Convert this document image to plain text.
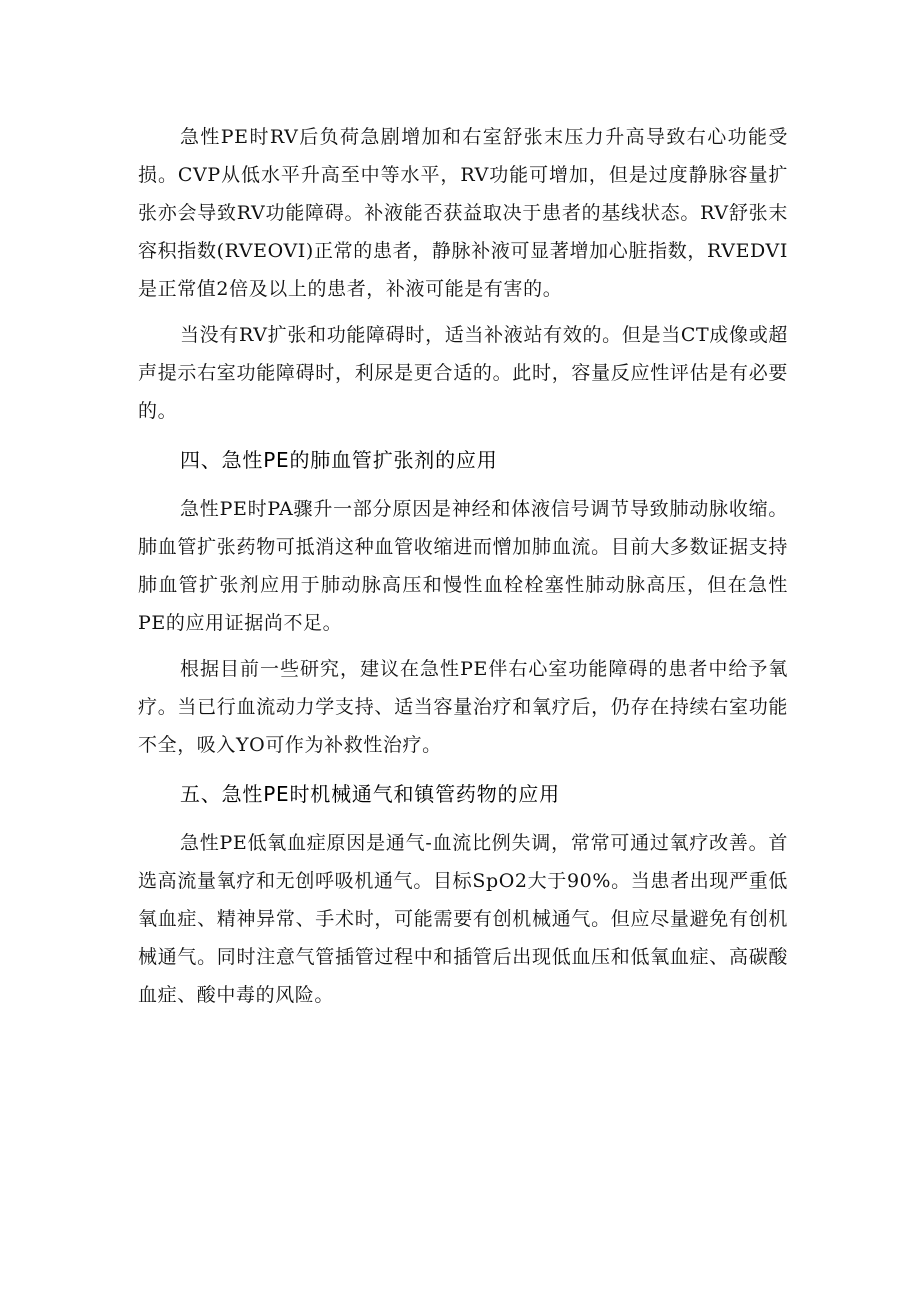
急性PE时RV后负荷急剧增加和右室舒张末压力升高导致右心功能受损。CVP从低水平升高至中等水平，RV功能可增加，但是过度静脉容量扩张亦会导致RV功能障碍。补液能否获益取决于患者的基线状态。RV舒张末容积指数(RVEOVI)正常的患者，静脉补液可显著增加心脏指数，RVEDVI是正常值2倍及以上的患者，补液可能是有害的。

当没有RV扩张和功能障碍时，适当补液站有效的。但是当CT成像或超声提示右室功能障碍时，利尿是更合适的。此时，容量反应性评估是有必要的。

四、急性PE的肺血管扩张剂的应用

急性PE时PA骤升一部分原因是神经和体液信号调节导致肺动脉收缩。肺血管扩张药物可抵消这种血管收缩进而憎加肺血流。目前大多数证据支持肺血管扩张剂应用于肺动脉高压和慢性血栓栓塞性肺动脉高压，但在急性PE的应用证据尚不足。

根据目前一些研究，建议在急性PE伴右心室功能障碍的患者中给予氧疗。当已行血流动力学支持、适当容量治疗和氧疗后，仍存在持续右室功能不全，吸入YO可作为补救性治疗。

五、急性PE时机械通气和镇管药物的应用

急性PE低氧血症原因是通气-血流比例失调，常常可通过氧疗改善。首选高流量氧疗和无创呼吸机通气。目标SpO2大于90%。当患者出现严重低氧血症、精神异常、手术时，可能需要有创机械通气。但应尽量避免有创机械通气。同时注意气管插管过程中和插管后出现低血压和低氧血症、高碳酸血症、酸中毒的风险。
